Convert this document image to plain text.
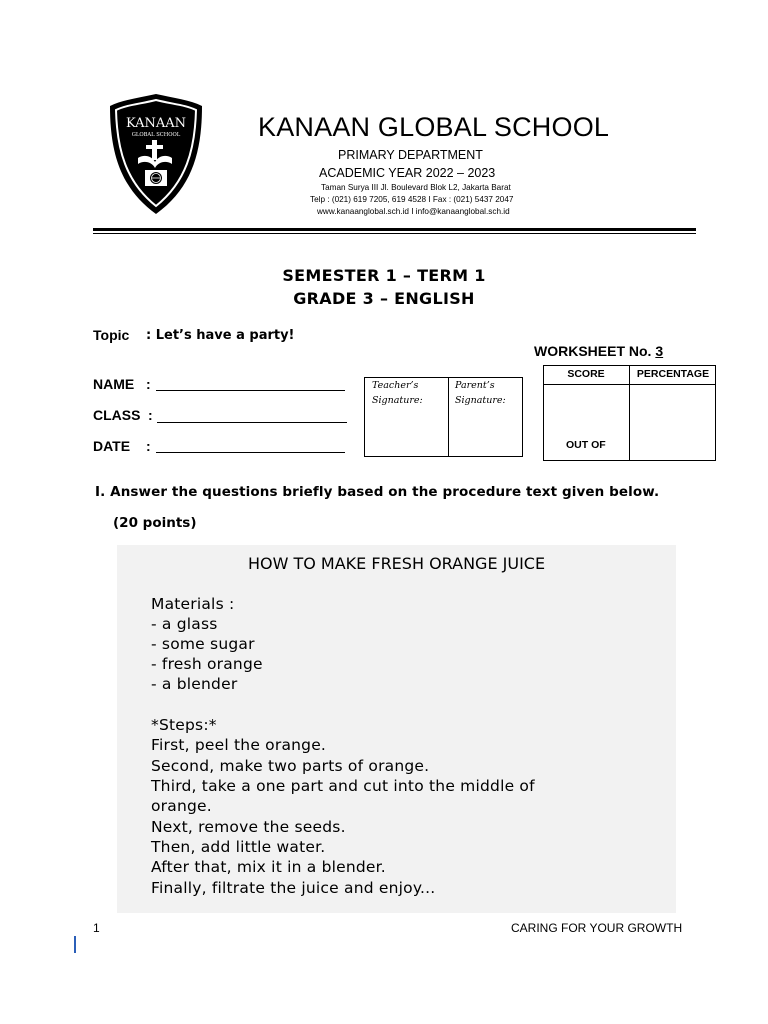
KANAAN
GLOBAL SCHOOL	KANAAN GLOBAL SCHOOL
PRIMARY DEPARTMENT
ACADEMIC YEAR 2022 – 2023
Taman Surya III Jl. Boulevard Blok L2, Jakarta Barat
Telp : (021) 619 7205, 619 4528 I Fax : (021) 5437 2047
www.kanaanglobal.sch.id I info@kanaanglobal.sch.id
SEMESTER 1 – TERM 1
GRADE 3 – ENGLISH
Topic : Let’s have a party!
WORKSHEET No. 3
NAME :
CLASS :
DATE :
Teacher’s
Signature:
Parent’s
Signature:
SCORE	PERCENTAGE
OUT OF
I. Answer the questions briefly based on the procedure text given below.
(20 points)
HOW TO MAKE FRESH ORANGE JUICE
Materials :
- a glass
- some sugar
- fresh orange
- a blender
*Steps:*
First, peel the orange.
Second, make two parts of orange.
Third, take a one part and cut into the middle of
orange.
Next, remove the seeds.
Then, add little water.
After that, mix it in a blender.
Finally, filtrate the juice and enjoy...
1	CARING FOR YOUR GROWTH
